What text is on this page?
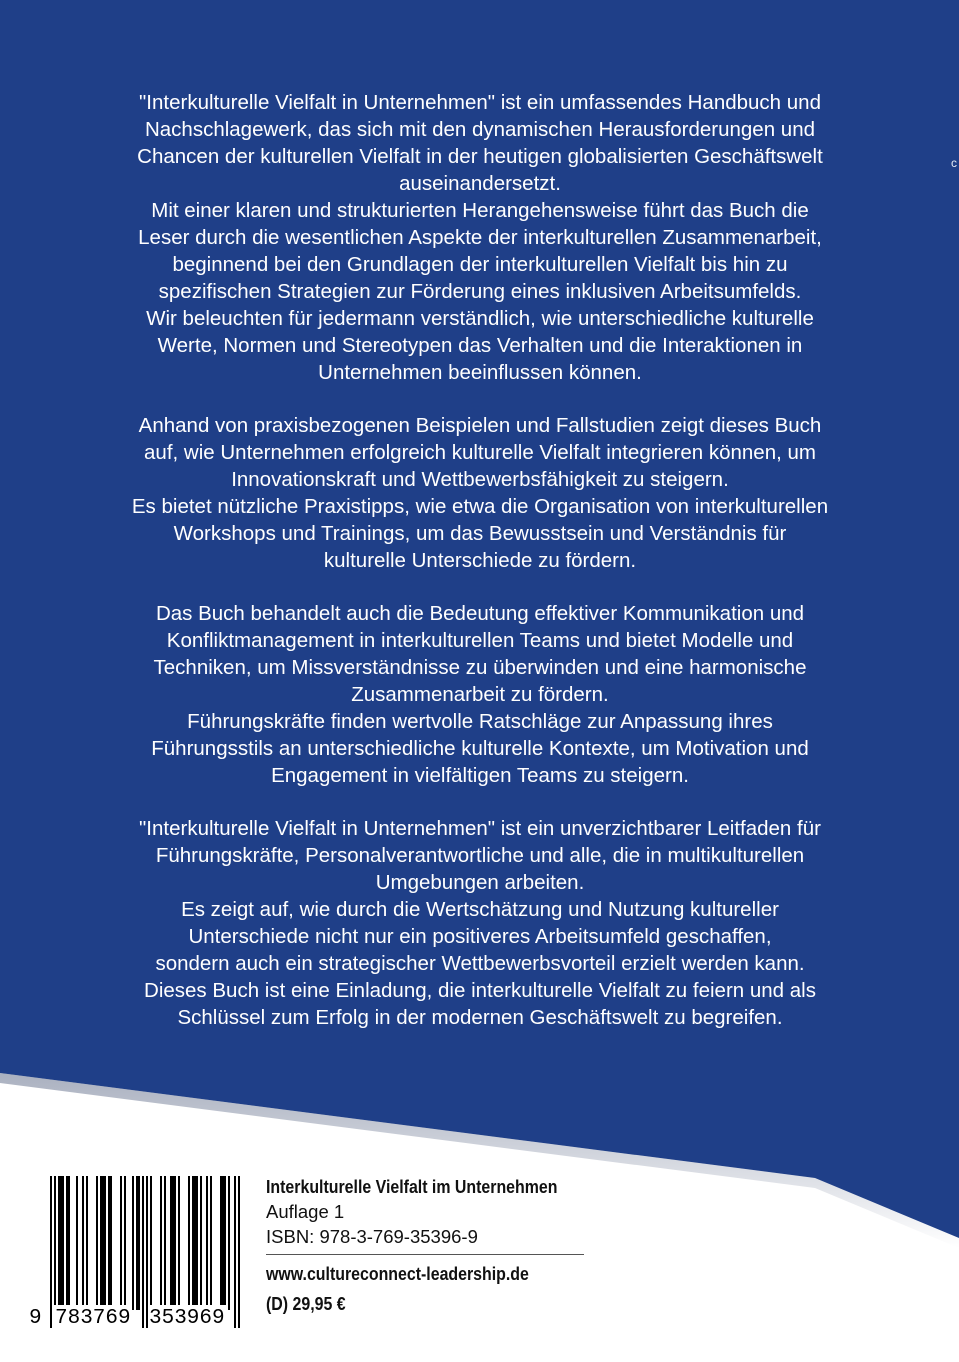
c

"Interkulturelle Vielfalt in Unternehmen" ist ein umfassendes Handbuch und

Nachschlagewerk, das sich mit den dynamischen Herausforderungen und

Chancen der kulturellen Vielfalt in der heutigen globalisierten Geschäftswelt

auseinandersetzt.

Mit einer klaren und strukturierten Herangehensweise führt das Buch die

Leser durch die wesentlichen Aspekte der interkulturellen Zusammenarbeit,

beginnend bei den Grundlagen der interkulturellen Vielfalt bis hin zu

spezifischen Strategien zur Förderung eines inklusiven Arbeitsumfelds.

Wir beleuchten für jedermann verständlich, wie unterschiedliche kulturelle

Werte, Normen und Stereotypen das Verhalten und die Interaktionen in

Unternehmen beeinflussen können.

Anhand von praxisbezogenen Beispielen und Fallstudien zeigt dieses Buch

auf, wie Unternehmen erfolgreich kulturelle Vielfalt integrieren können, um

Innovationskraft und Wettbewerbsfähigkeit zu steigern.

Es bietet nützliche Praxistipps, wie etwa die Organisation von interkulturellen

Workshops und Trainings, um das Bewusstsein und Verständnis für

kulturelle Unterschiede zu fördern.

Das Buch behandelt auch die Bedeutung effektiver Kommunikation und

Konfliktmanagement in interkulturellen Teams und bietet Modelle und

Techniken, um Missverständnisse zu überwinden und eine harmonische

Zusammenarbeit zu fördern.

Führungskräfte finden wertvolle Ratschläge zur Anpassung ihres

Führungsstils an unterschiedliche kulturelle Kontexte, um Motivation und

Engagement in vielfältigen Teams zu steigern.

"Interkulturelle Vielfalt in Unternehmen" ist ein unverzichtbarer Leitfaden für

Führungskräfte, Personalverantwortliche und alle, die in multikulturellen

Umgebungen arbeiten.

Es zeigt auf, wie durch die Wertschätzung und Nutzung kultureller

Unterschiede nicht nur ein positiveres Arbeitsumfeld geschaffen,

sondern auch ein strategischer Wettbewerbsvorteil erzielt werden kann.

Dieses Buch ist eine Einladung, die interkulturelle Vielfalt zu feiern und als

Schlüssel zum Erfolg in der modernen Geschäftswelt zu begreifen.

9 783769 353969
Interkulturelle Vielfalt im Unternehmen
Auflage 1
ISBN: 978-3-769-35396-9
www.cultureconnect-leadership.de
(D) 29,95 €
